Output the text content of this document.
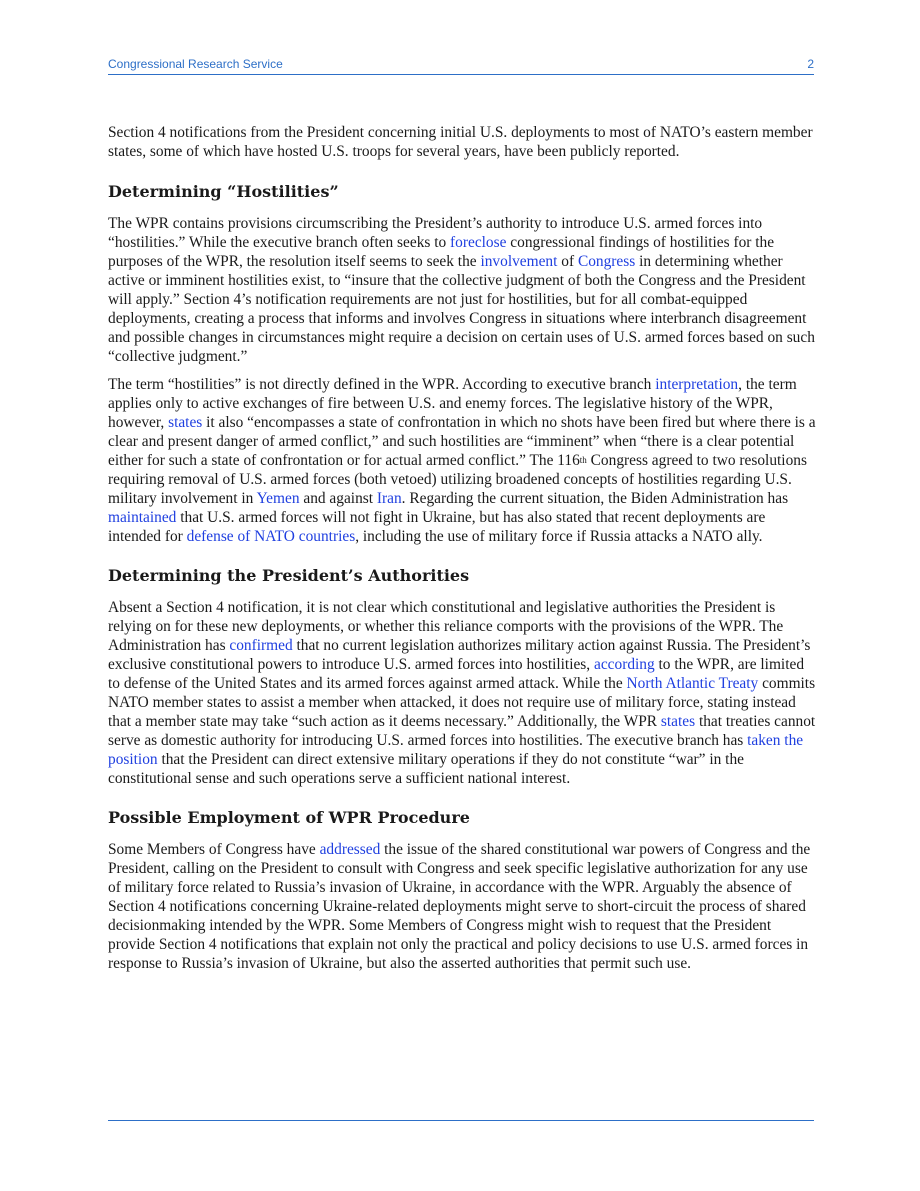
Congressional Research Service	2

Section 4 notifications from the President concerning initial U.S. deployments to most of NATO’s eastern member states, some of which have hosted U.S. troops for several years, have been publicly reported.

Determining “Hostilities”

The WPR contains provisions circumscribing the President’s authority to introduce U.S. armed forces into “hostilities.” While the executive branch often seeks to foreclose congressional findings of hostilities for the purposes of the WPR, the resolution itself seems to seek the involvement of Congress in determining whether active or imminent hostilities exist, to “insure that the collective judgment of both the Congress and the President will apply.” Section 4’s notification requirements are not just for hostilities, but for all combat-equipped deployments, creating a process that informs and involves Congress in situations where interbranch disagreement and possible changes in circumstances might require a decision on certain uses of U.S. armed forces based on such “collective judgment.”

The term “hostilities” is not directly defined in the WPR. According to executive branch interpretation, the term applies only to active exchanges of fire between U.S. and enemy forces. The legislative history of the WPR, however, states it also “encompasses a state of confrontation in which no shots have been fired but where there is a clear and present danger of armed conflict,” and such hostilities are “imminent” when “there is a clear potential either for such a state of confrontation or for actual armed conflict.” The 116th Congress agreed to two resolutions requiring removal of U.S. armed forces (both vetoed) utilizing broadened concepts of hostilities regarding U.S. military involvement in Yemen and against Iran. Regarding the current situation, the Biden Administration has maintained that U.S. armed forces will not fight in Ukraine, but has also stated that recent deployments are intended for defense of NATO countries, including the use of military force if Russia attacks a NATO ally.

Determining the President’s Authorities

Absent a Section 4 notification, it is not clear which constitutional and legislative authorities the President is relying on for these new deployments, or whether this reliance comports with the provisions of the WPR. The Administration has confirmed that no current legislation authorizes military action against Russia. The President’s exclusive constitutional powers to introduce U.S. armed forces into hostilities, according to the WPR, are limited to defense of the United States and its armed forces against armed attack. While the North Atlantic Treaty commits NATO member states to assist a member when attacked, it does not require use of military force, stating instead that a member state may take “such action as it deems necessary.” Additionally, the WPR states that treaties cannot serve as domestic authority for introducing U.S. armed forces into hostilities. The executive branch has taken the position that the President can direct extensive military operations if they do not constitute “war” in the constitutional sense and such operations serve a sufficient national interest.

Possible Employment of WPR Procedure

Some Members of Congress have addressed the issue of the shared constitutional war powers of Congress and the President, calling on the President to consult with Congress and seek specific legislative authorization for any use of military force related to Russia’s invasion of Ukraine, in accordance with the WPR. Arguably the absence of Section 4 notifications concerning Ukraine-related deployments might serve to short-circuit the process of shared decisionmaking intended by the WPR. Some Members of Congress might wish to request that the President provide Section 4 notifications that explain not only the practical and policy decisions to use U.S. armed forces in response to Russia’s invasion of Ukraine, but also the asserted authorities that permit such use.
